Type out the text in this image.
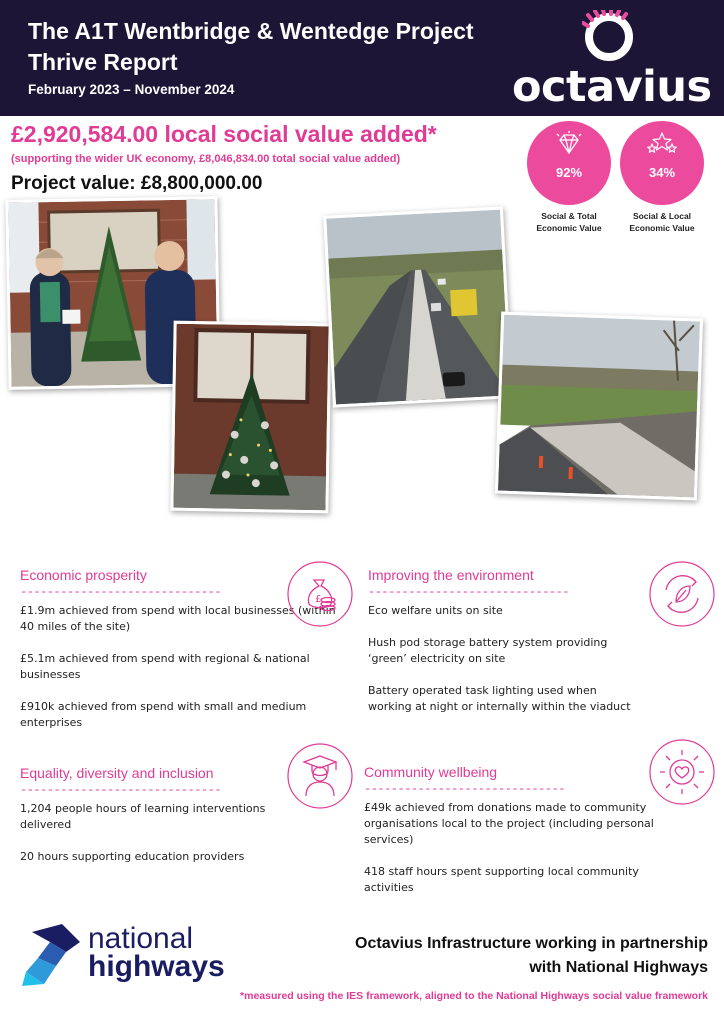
The A1T Wentbridge & Wentedge Project
Thrive Report
February 2023 – November 2024	octavius
£2,920,584.00 local social value added*
(supporting the wider UK economy, £8,046,834.00 total social value added)
Project value: £8,800,000.00
92%
Social & Total
Economic Value
34%
Social & Local
Economic Value
Economic prosperity
------------------------------

£1.9m achieved from spend with local businesses (within 40 miles of the site)

£5.1m achieved from spend with regional & national businesses

£910k achieved from spend with small and medium enterprises

£
Improving the environment
------------------------------

Eco welfare units on site

Hush pod storage battery system providing ‘green’ electricity on site

Battery operated task lighting used when working at night or internally within the viaduct

Equality, diversity and inclusion
------------------------------

1,204 people hours of learning interventions delivered

20 hours supporting education providers

Community wellbeing
------------------------------

£49k achieved from donations made to community organisations local to the project (including personal services)

418 staff hours spent supporting local community activities

national
highways
Octavius Infrastructure working in partnership
with National Highways
*measured using the IES framework, aligned to the National Highways social value framework
